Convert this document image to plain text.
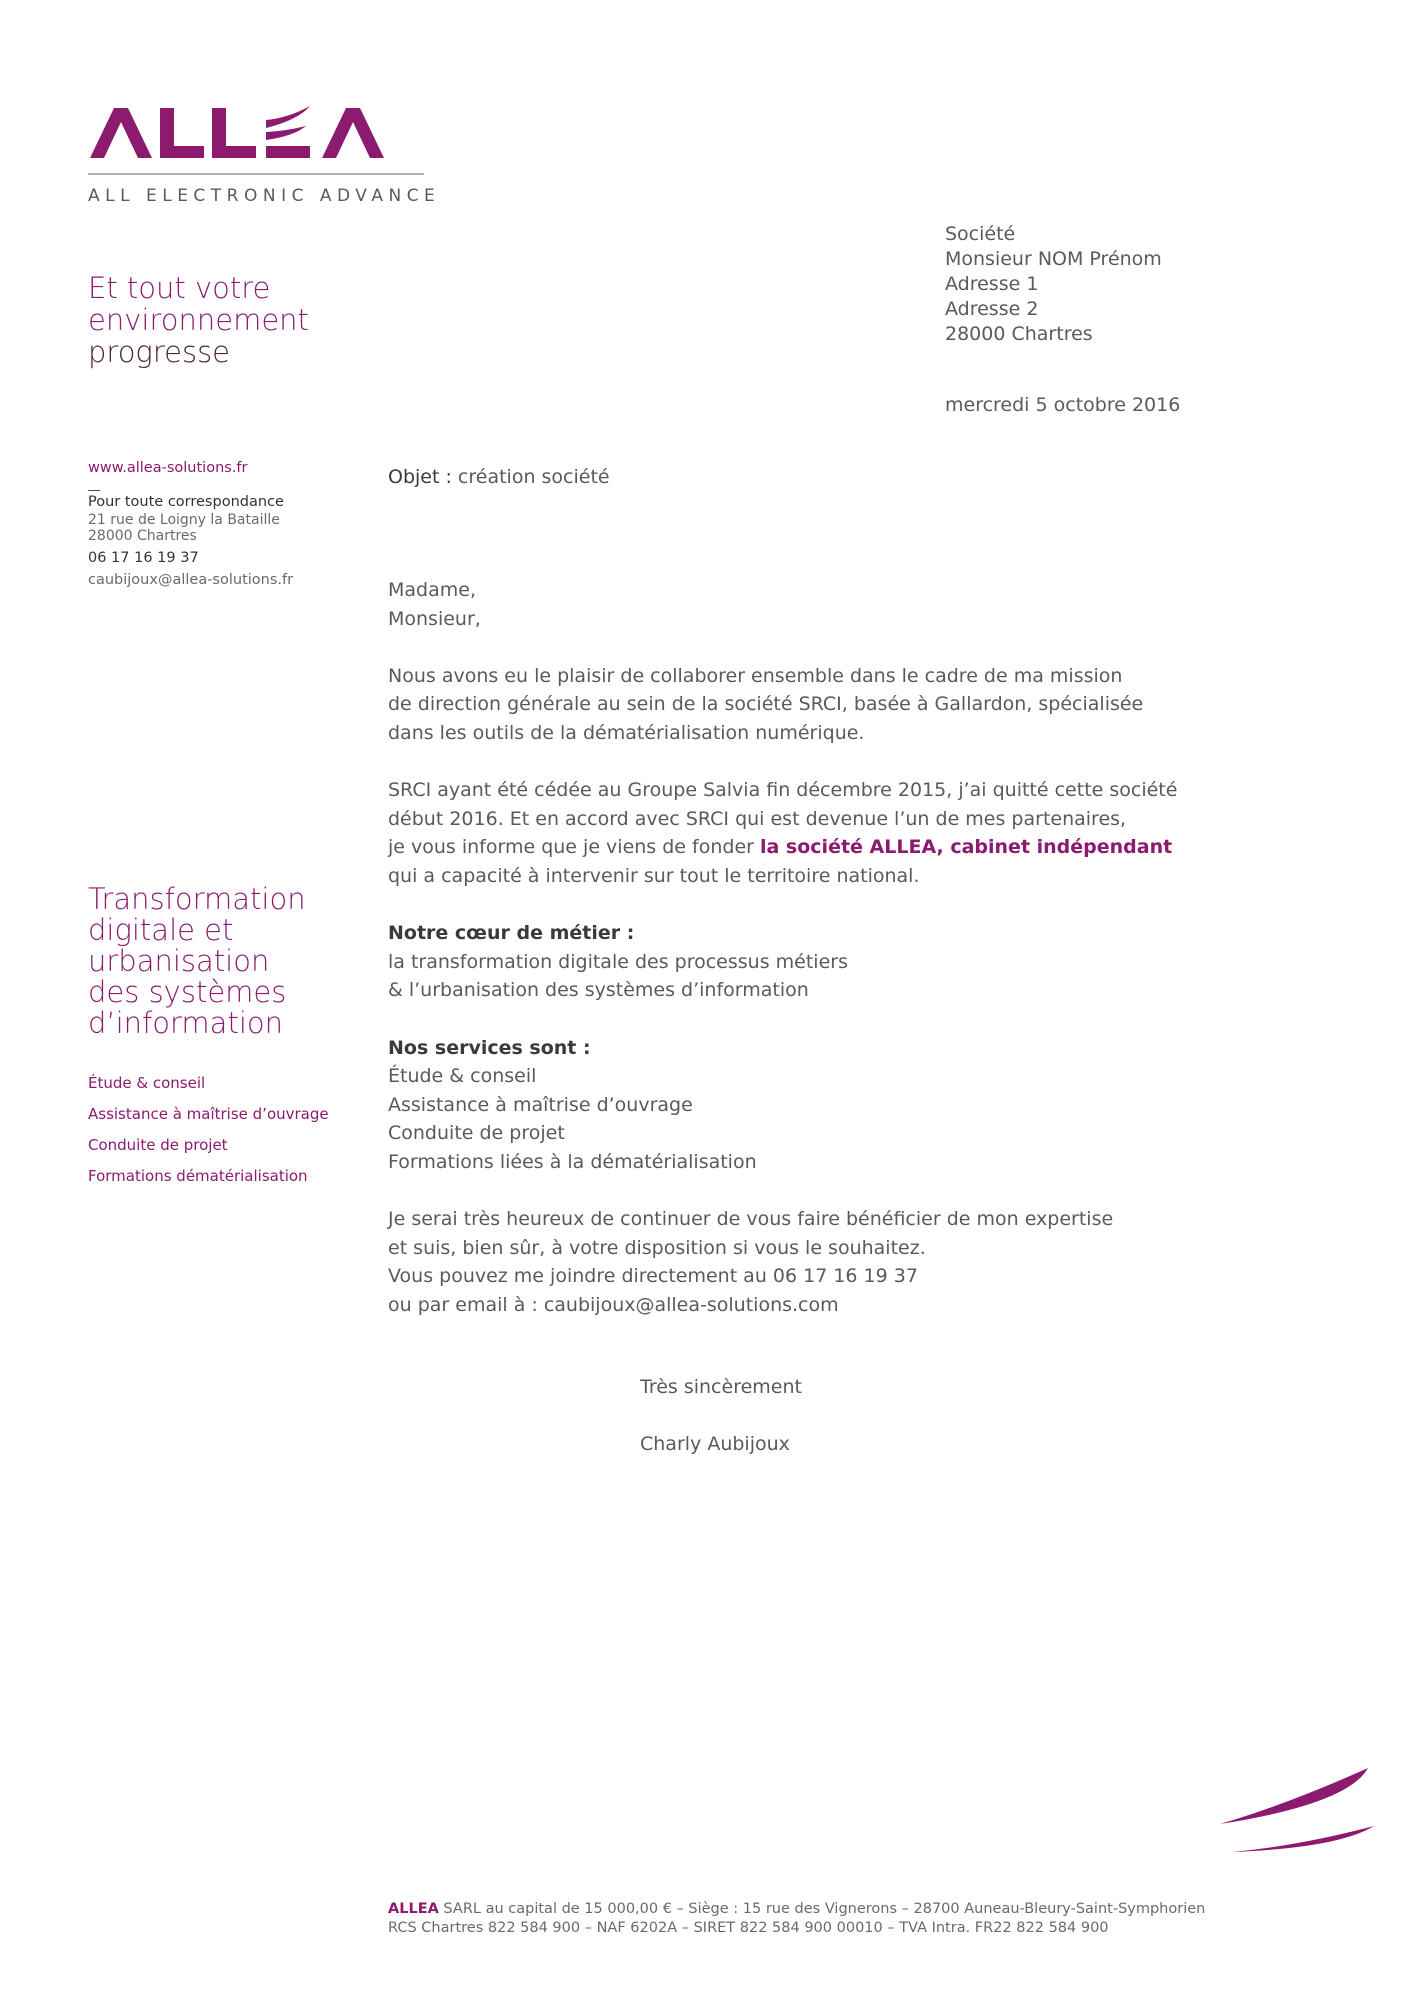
ALL ELECTRONIC ADVANCE
Et tout votre
environnement
progresse
Société
Monsieur NOM Prénom
Adresse 1
Adresse 2
28000 Chartres
mercredi 5 octobre 2016
www.allea-solutions.fr
__
Pour toute correspondance
21 rue de Loigny la Bataille
28000 Chartres
06 17 16 19 37
caubijoux@allea-solutions.fr
Transformation
digitale et
urbanisation
des systèmes
d’information
Étude & conseil
Assistance à maîtrise d’ouvrage
Conduite de projet
Formations dématérialisation
Objet : création société

Madame,
Monsieur,

Nous avons eu le plaisir de collaborer ensemble dans le cadre de ma mission
de direction générale au sein de la société SRCI, basée à Gallardon, spécialisée
dans les outils de la dématérialisation numérique.

SRCI ayant été cédée au Groupe Salvia fin décembre 2015, j’ai quitté cette société
début 2016. Et en accord avec SRCI qui est devenue l’un de mes partenaires,
je vous informe que je viens de fonder la société ALLEA, cabinet indépendant
qui a capacité à intervenir sur tout le territoire national.

Notre cœur de métier :
la transformation digitale des processus métiers
& l’urbanisation des systèmes d’information

Nos services sont :
Étude & conseil
Assistance à maîtrise d’ouvrage
Conduite de projet
Formations liées à la dématérialisation

Je serai très heureux de continuer de vous faire bénéficier de mon expertise
et suis, bien sûr, à votre disposition si vous le souhaitez.
Vous pouvez me joindre directement au 06 17 16 19 37
ou par email à : caubijoux@allea-solutions.com

Très sincèrement
Charly Aubijoux
ALLEA SARL au capital de 15 000,00 € – Siège : 15 rue des Vignerons – 28700 Auneau-Bleury-Saint-Symphorien
RCS Chartres 822 584 900 – NAF 6202A – SIRET 822 584 900 00010 – TVA Intra. FR22 822 584 900
